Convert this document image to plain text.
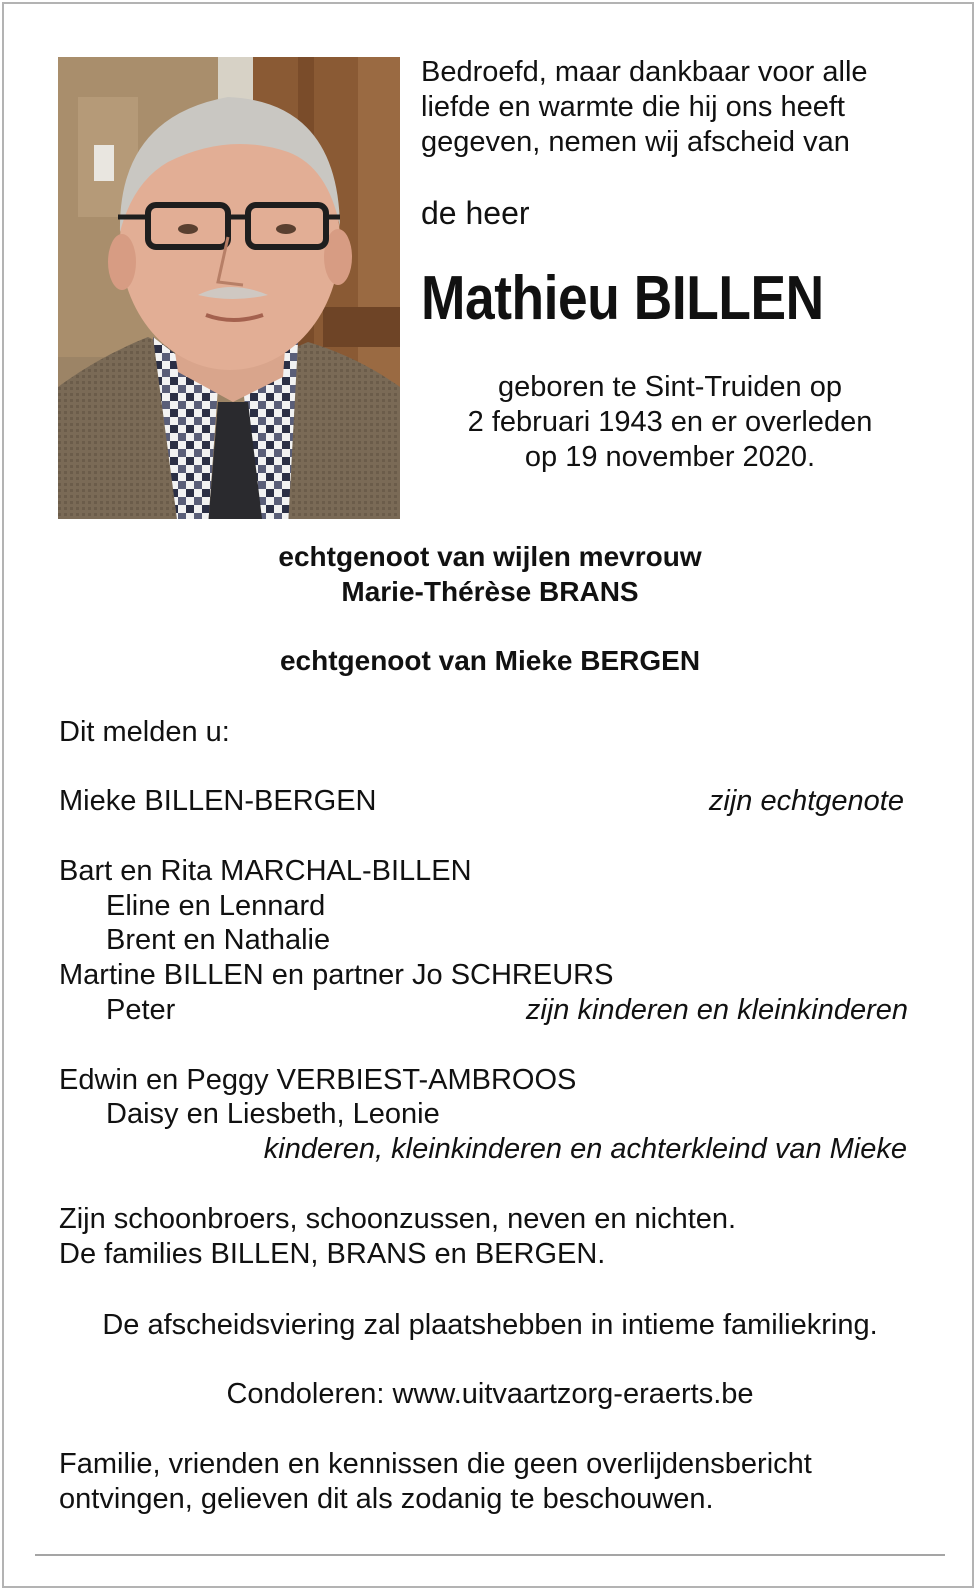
Bedroefd, maar dankbaar voor alle
liefde en warmte die hij ons heeft
gegeven, nemen wij afscheid van
de heer
Mathieu BILLEN
geboren te Sint-Truiden op
2 februari 1943 en er overleden
op 19 november 2020.
echtgenoot van wijlen mevrouw
Marie-Thérèse BRANS
echtgenoot van Mieke BERGEN
Dit melden u:
Mieke BILLEN-BERGEN	zijn echtgenote
Bart en Rita MARCHAL-BILLEN
Eline en Lennard
Brent en Nathalie
Martine BILLEN en partner Jo SCHREURS
Peter	zijn kinderen en kleinkinderen
Edwin en Peggy VERBIEST-AMBROOS
Daisy en Liesbeth, Leonie
kinderen, kleinkinderen en achterkleind van Mieke
Zijn schoonbroers, schoonzussen, neven en nichten.
De families BILLEN, BRANS en BERGEN.
De afscheidsviering zal plaatshebben in intieme familiekring.
Condoleren: www.uitvaartzorg-eraerts.be
Familie, vrienden en kennissen die geen overlijdensbericht
ontvingen, gelieven dit als zodanig te beschouwen.
